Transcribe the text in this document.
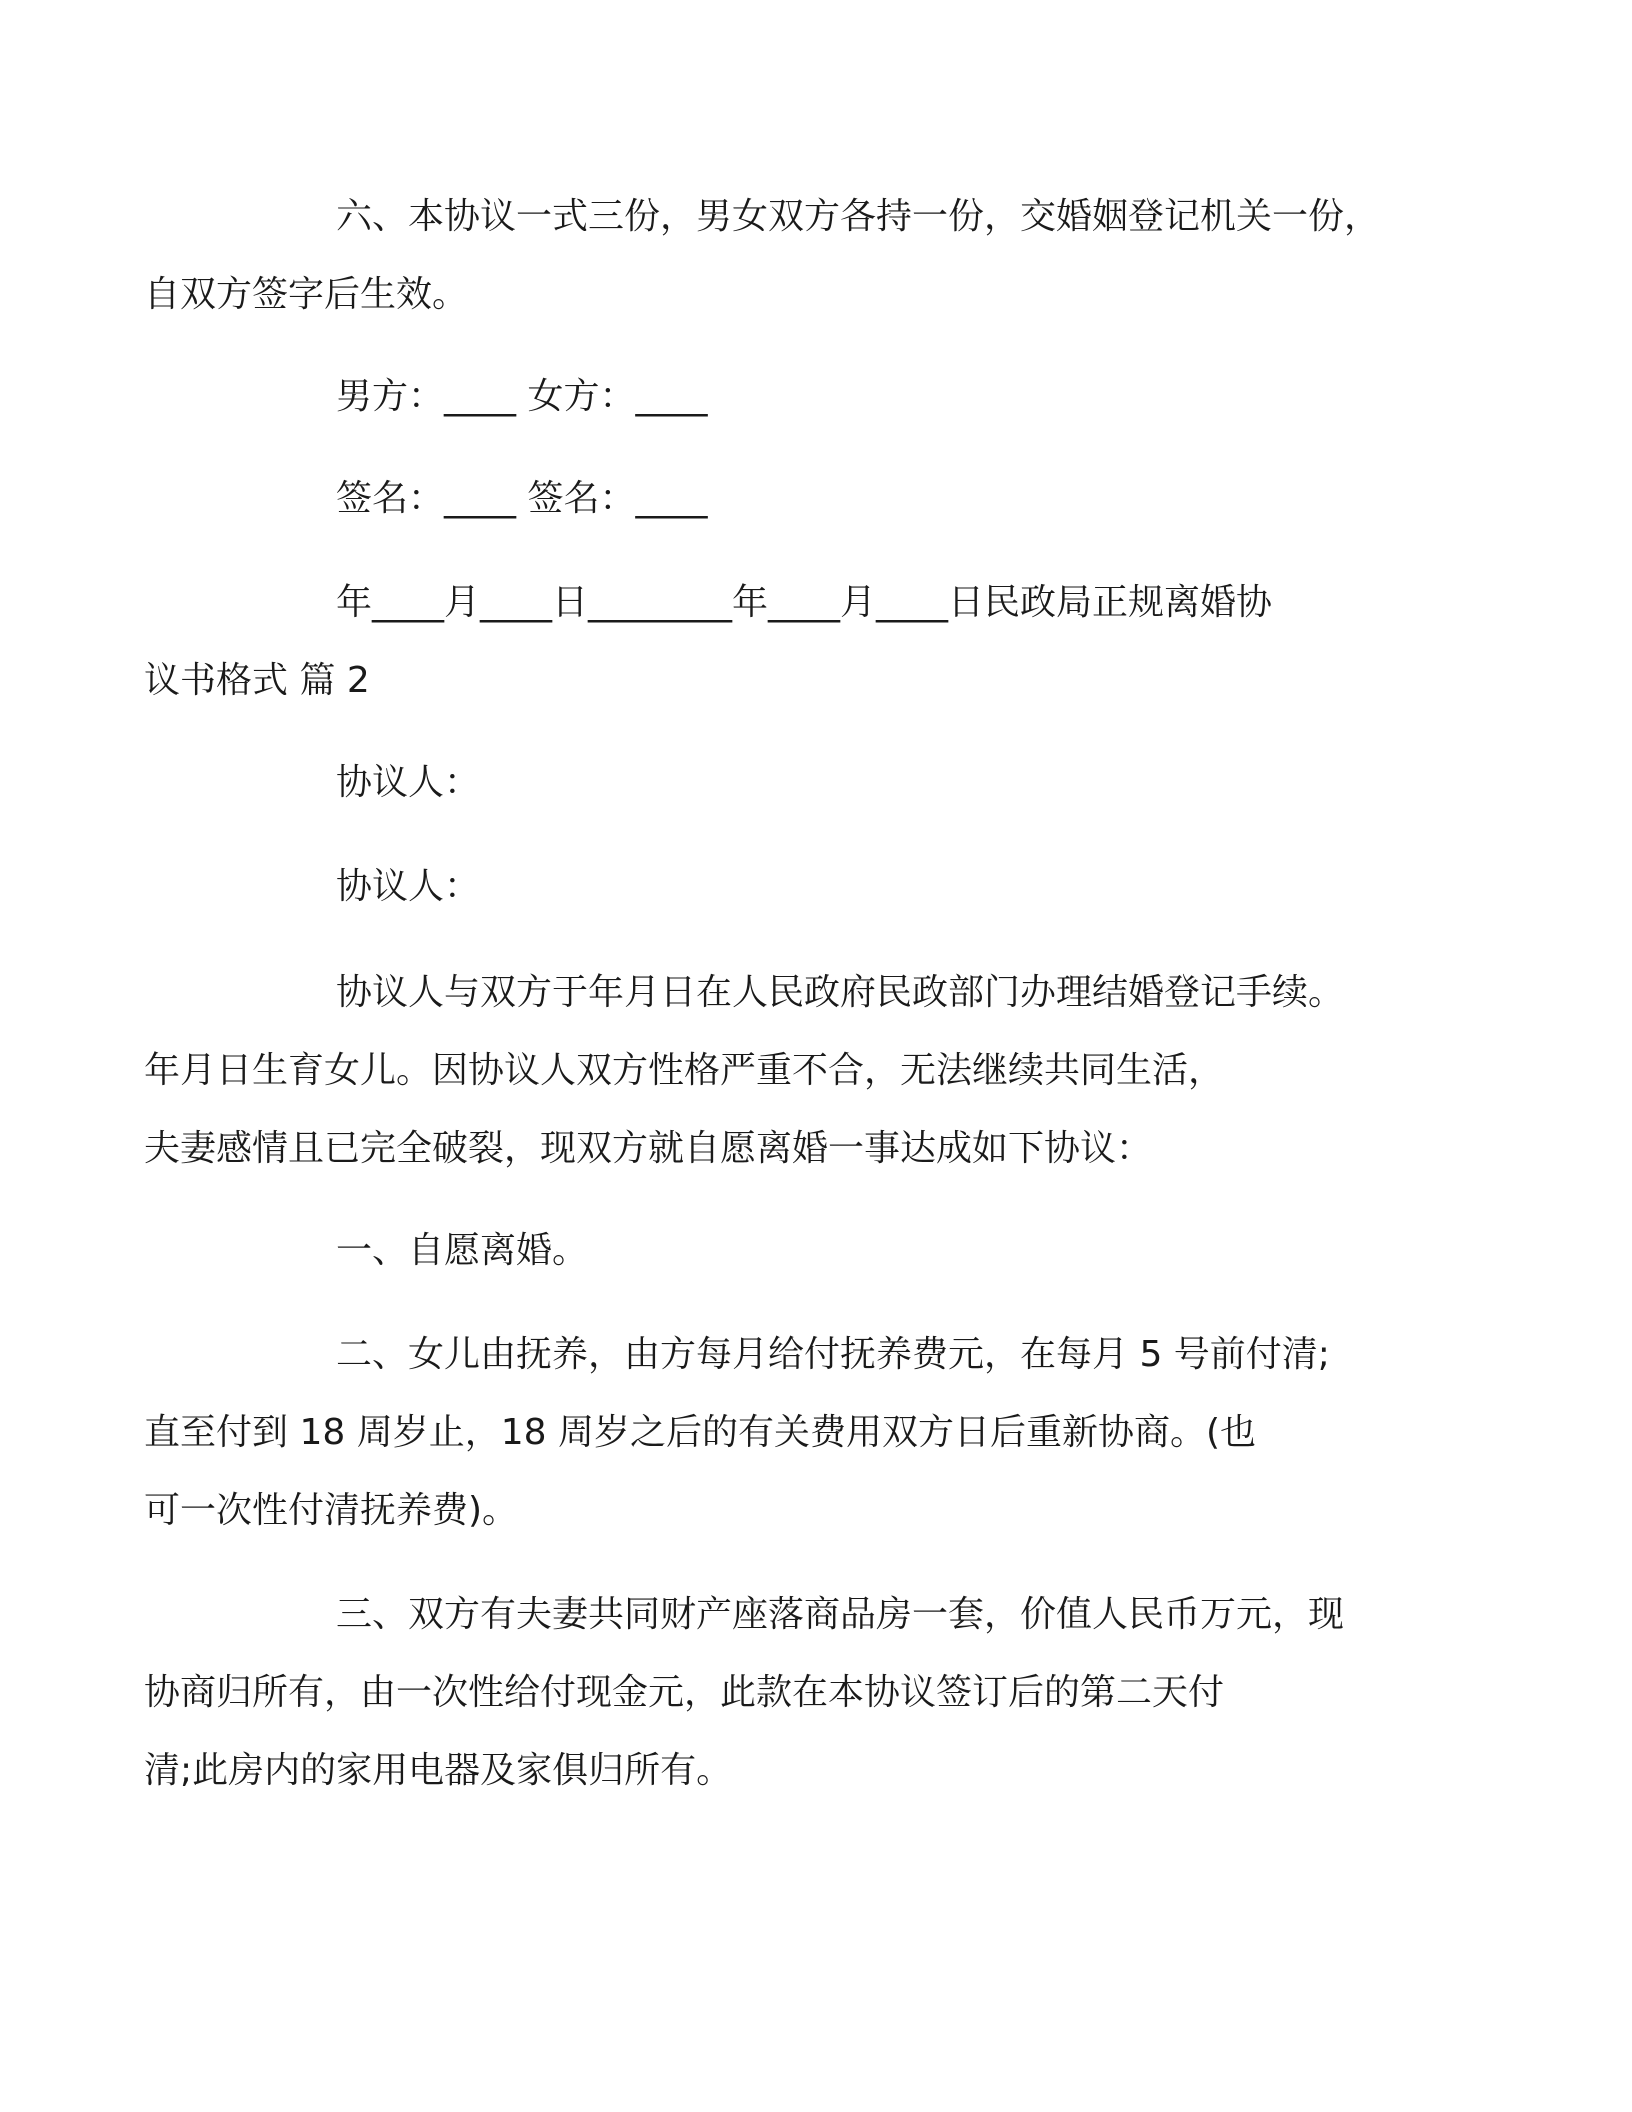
六、本协议一式三份，男女双方各持一份，交婚姻登记机关一份，
自双方签字后生效。

男方：____ 女方：____

签名：____ 签名：____

年____月____日________年____月____日民政局正规离婚协
议书格式 篇 2

协议人：

协议人：

协议人与双方于年月日在人民政府民政部门办理结婚登记手续。
年月日生育女儿。因协议人双方性格严重不合，无法继续共同生活，
夫妻感情且已完全破裂，现双方就自愿离婚一事达成如下协议：

一、自愿离婚。

二、女儿由抚养，由方每月给付抚养费元，在每月 5 号前付清;
直至付到 18 周岁止，18 周岁之后的有关费用双方日后重新协商。(也
可一次性付清抚养费)。

三、双方有夫妻共同财产座落商品房一套，价值人民币万元，现
协商归所有，由一次性给付现金元，此款在本协议签订后的第二天付
清;此房内的家用电器及家俱归所有。
